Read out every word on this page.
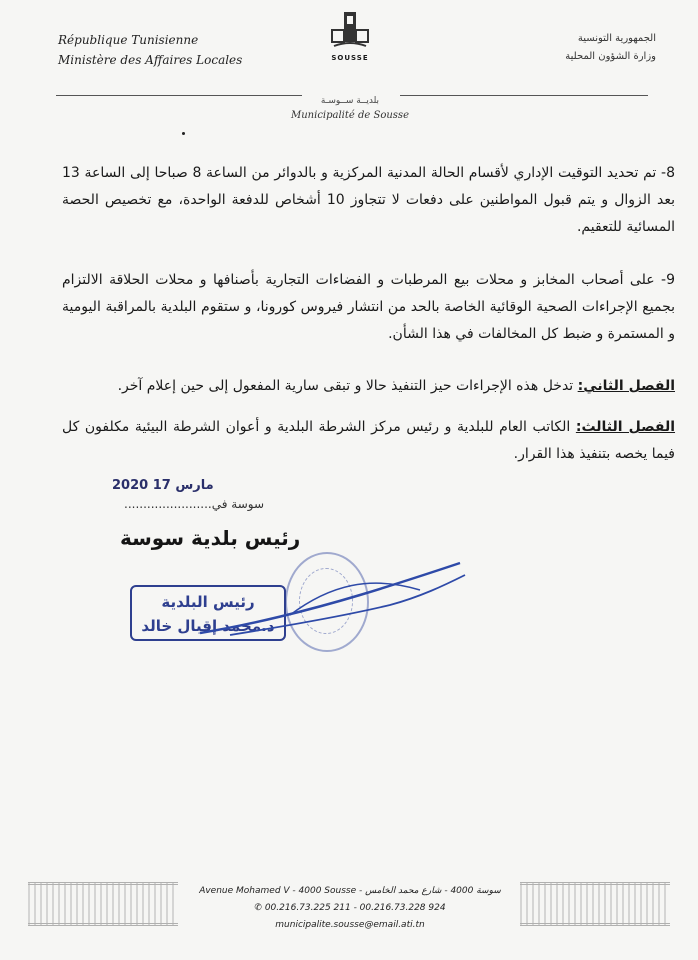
République Tunisienne
Ministère des Affaires Locales	SOUSSE
الجمهورية التونسية
وزارة الشؤون المحلية
بلديــة ســوسـة
Municipalité de Sousse
8- تم تحديد التوقيت الإداري لأقسام الحالة المدنية المركزية و بالدوائر من الساعة 8 صباحا إلى الساعة 13 بعد الزوال و يتم قبول المواطنين على دفعات لا تتجاوز 10 أشخاص للدفعة الواحدة، مع تخصيص الحصة المسائية للتعقيم.
9- على أصحاب المخابز و محلات بيع المرطبات و الفضاءات التجارية بأصنافها و محلات الحلاقة الالتزام بجميع الإجراءات الصحية الوقائية الخاصة بالحد من انتشار فيروس كورونا، و ستقوم البلدية بالمراقبة اليومية و المستمرة و ضبط كل المخالفات في هذا الشأن.
الفصل الثاني: تدخل هذه الإجراءات حيز التنفيذ حالا و تبقى سارية المفعول إلى حين إعلام آخر.
الفصل الثالث: الكاتب العام للبلدية و رئيس مركز الشرطة البلدية و أعوان الشرطة البيئية مكلفون كل فيما يخصه بتنفيذ هذا القرار.
2020 مارس 17
سوسة في.......................
رئيس بلدية سوسة
رئيس البلدية
د.محمد إقبال خالد
Avenue Mohamed V - 4000 Sousse - سوسة 4000 - شارع محمد الخامس
✆ 00.216.73.225 211 - 00.216.73.228 924
municipalite.sousse@email.ati.tn
